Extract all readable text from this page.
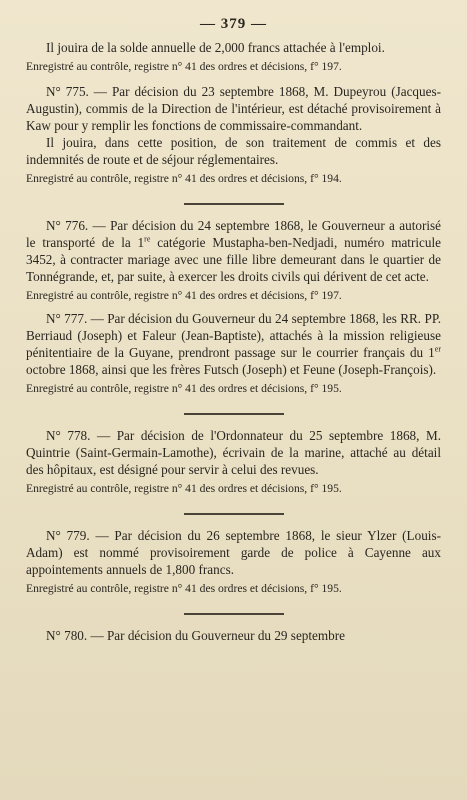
— 379 —

Il jouira de la solde annuelle de 2,000 francs attachée à l'emploi.

Enregistré au contrôle, registre n° 41 des ordres et décisions, f° 197.

N° 775. — Par décision du 23 septembre 1868, M. Dupeyrou (Jacques-Augustin), commis de la Direction de l'intérieur, est détaché provisoirement à Kaw pour y remplir les fonctions de commissaire-commandant.

Il jouira, dans cette position, de son traitement de commis et des indemnités de route et de séjour réglementaires.

Enregistré au contrôle, registre n° 41 des ordres et décisions, f° 194.

N° 776. — Par décision du 24 septembre 1868, le Gouverneur a autorisé le transporté de la 1re catégorie Mustapha-ben-Nedjadi, numéro matricule 3452, à contracter mariage avec une fille libre demeurant dans le quartier de Tonnégrande, et, par suite, à exercer les droits civils qui dérivent de cet acte.

Enregistré au contrôle, registre n° 41 des ordres et décisions, f° 197.

N° 777. — Par décision du Gouverneur du 24 septembre 1868, les RR. PP. Berriaud (Joseph) et Faleur (Jean-Baptiste), attachés à la mission religieuse pénitentiaire de la Guyane, prendront passage sur le courrier français du 1er octobre 1868, ainsi que les frères Futsch (Joseph) et Feune (Joseph-François).

Enregistré au contrôle, registre n° 41 des ordres et décisions, f° 195.

N° 778. — Par décision de l'Ordonnateur du 25 septembre 1868, M. Quintrie (Saint-Germain-Lamothe), écrivain de la marine, attaché au détail des hôpitaux, est désigné pour servir à celui des revues.

Enregistré au contrôle, registre n° 41 des ordres et décisions, f° 195.

N° 779. — Par décision du 26 septembre 1868, le sieur Ylzer (Louis-Adam) est nommé provisoirement garde de police à Cayenne aux appointements annuels de 1,800 francs.

Enregistré au contrôle, registre n° 41 des ordres et décisions, f° 195.

N° 780. — Par décision du Gouverneur du 29 septembre
